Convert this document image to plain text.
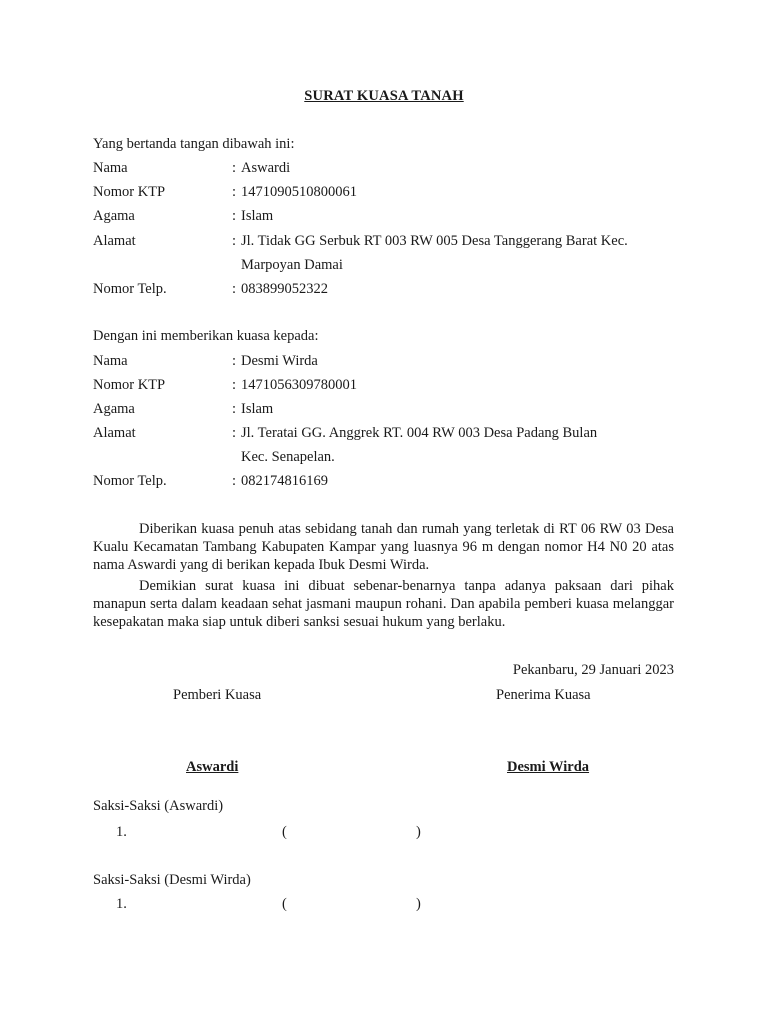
SURAT KUASA TANAH
Yang bertanda tangan dibawah ini:
Nama	: Aswardi
Nomor KTP	: 1471090510800061
Agama	: Islam
Alamat	: Jl. Tidak GG Serbuk RT 003 RW 005 Desa Tanggerang Barat Kec.
Marpoyan Damai
Nomor Telp.	: 083899052322
Dengan ini memberikan kuasa kepada:
Nama	: Desmi Wirda
Nomor KTP	: 1471056309780001
Agama	: Islam
Alamat	: Jl. Teratai GG. Anggrek RT. 004 RW 003 Desa Padang Bulan
Kec. Senapelan.
Nomor Telp.	: 082174816169
Diberikan kuasa penuh atas sebidang tanah dan rumah yang terletak di RT 06 RW 03 Desa Kualu Kecamatan Tambang Kabupaten Kampar yang luasnya 96 m dengan nomor H4 N0 20 atas nama Aswardi yang di berikan kepada Ibuk Desmi Wirda.
Demikian surat kuasa ini dibuat sebenar-benarnya tanpa adanya paksaan dari pihak manapun serta dalam keadaan sehat jasmani maupun rohani. Dan apabila pemberi kuasa melanggar kesepakatan maka siap untuk diberi sanksi sesuai hukum yang berlaku.
Pekanbaru, 29 Januari 2023
Pemberi Kuasa	Penerima Kuasa
Aswardi	Desmi Wirda
Saksi-Saksi (Aswardi)
1.	(	)
Saksi-Saksi (Desmi Wirda)
1.	(	)
